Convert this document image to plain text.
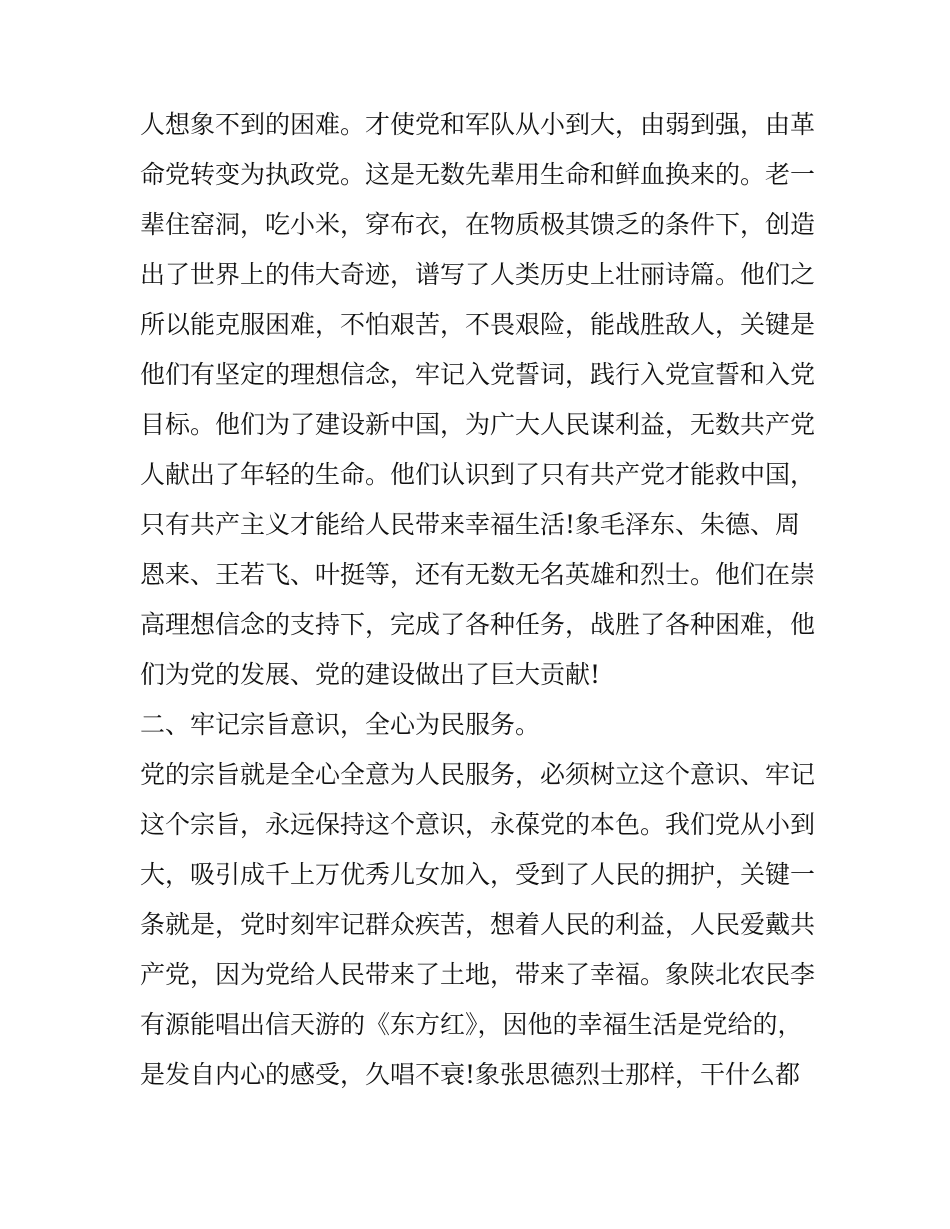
人想象不到的困难。才使党和军队从小到大，由弱到强，由革

命党转变为执政党。这是无数先辈用生命和鲜血换来的。老一

辈住窑洞，吃小米，穿布衣，在物质极其馈乏的条件下，创造

出了世界上的伟大奇迹，谱写了人类历史上壮丽诗篇。他们之

所以能克服困难，不怕艰苦，不畏艰险，能战胜敌人，关键是

他们有坚定的理想信念，牢记入党誓词，践行入党宣誓和入党

目标。他们为了建设新中国，为广大人民谋利益，无数共产党

人献出了年轻的生命。他们认识到了只有共产党才能救中国，

只有共产主义才能给人民带来幸福生活!象毛泽东、朱德、周

恩来、王若飞、叶挺等，还有无数无名英雄和烈士。他们在崇

高理想信念的支持下，完成了各种任务，战胜了各种困难，他

们为党的发展、党的建设做出了巨大贡献!

二、牢记宗旨意识，全心为民服务。

党的宗旨就是全心全意为人民服务，必须树立这个意识、牢记

这个宗旨，永远保持这个意识，永葆党的本色。我们党从小到

大，吸引成千上万优秀儿女加入，受到了人民的拥护，关键一

条就是，党时刻牢记群众疾苦，想着人民的利益，人民爱戴共

产党，因为党给人民带来了土地，带来了幸福。象陕北农民李

有源能唱出信天游的《东方红》，因他的幸福生活是党给的，

是发自内心的感受，久唱不衰!象张思德烈士那样，干什么都
